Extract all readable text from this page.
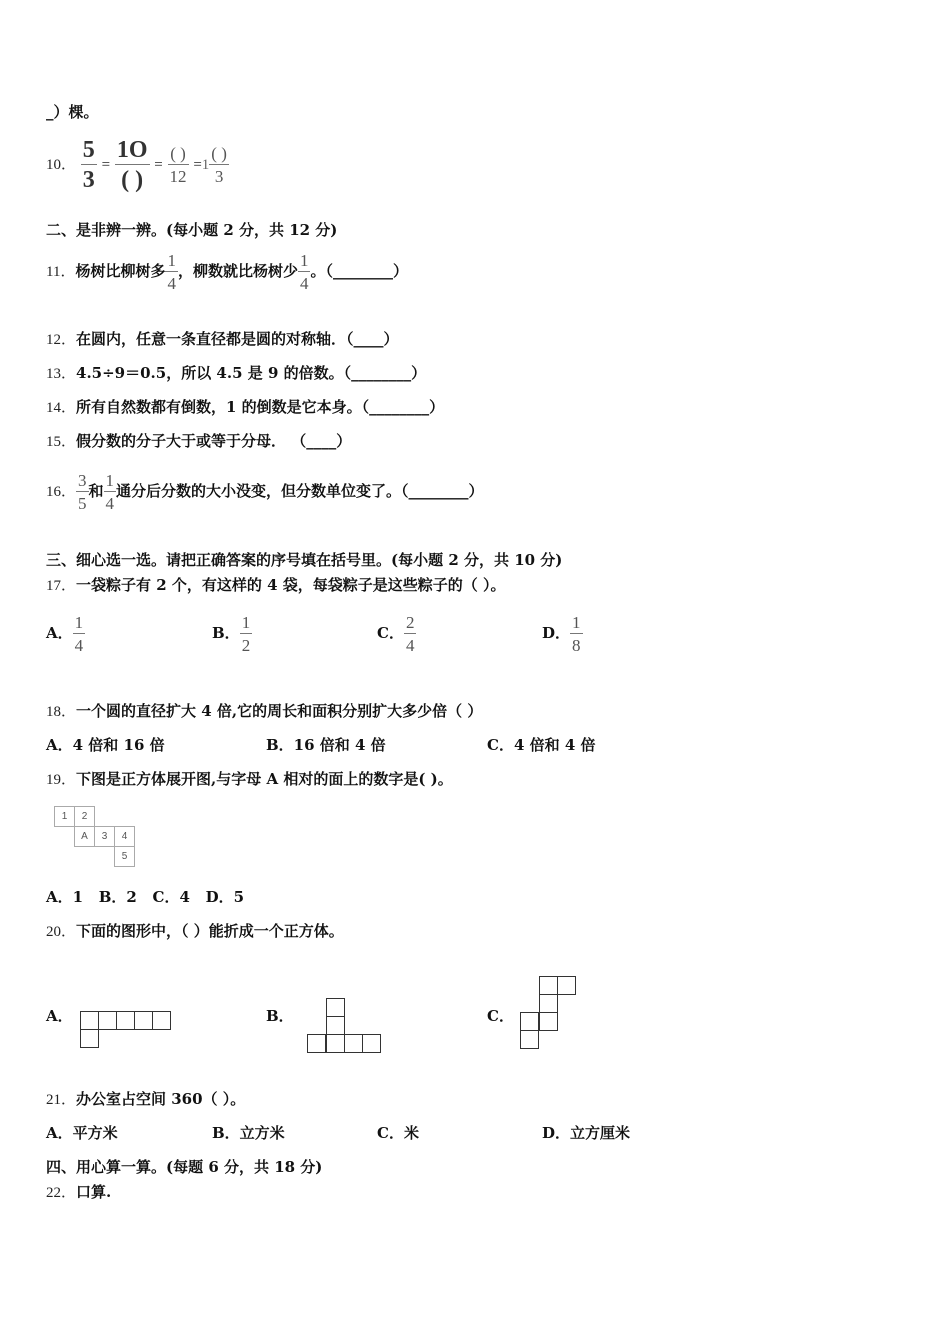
_）棵。
10． $\frac{5}{3} = \frac{1O}{( )} = \frac{( )}{12} =1 \frac{( )}{3}$
二、是非辨一辨。(每小题 2 分，共 12 分)
11．杨树比柳树多 $\frac{1}{4}$ ，柳数就比杨树少 $\frac{1}{4}$ 。（________）
12．在圆内，任意一条直径都是圆的对称轴．（____）
13．4.5÷9＝0.5，所以 4.5 是 9 的倍数。（________）
14．所有自然数都有倒数，1 的倒数是它本身。（________）
15．假分数的分子大于或等于分母． （____）
16． $\frac{3}{5}$ 和 $\frac{1}{4}$ 通分后分数的大小没变，但分数单位变了。（________）
三、细心选一选。请把正确答案的序号填在括号里。(每小题 2 分，共 10 分)
17．一袋粽子有 2 个，有这样的 4 袋，每袋粽子是这些粽子的（ ）。
A． $\frac{1}{4}$	B． $\frac{1}{2}$	C． $\frac{2}{4}$	D． $\frac{1}{8}$
18．一个圆的直径扩大 4 倍,它的周长和面积分别扩大多少倍（ ）
A．4 倍和 16 倍	B．16 倍和 4 倍	C．4 倍和 4 倍
19．下图是正方体展开图,与字母 A 相对的面上的数字是( )。
1	2
A	3	4
5
A．1   B．2   C．4   D．5
20．下面的图形中，（ ）能折成一个正方体。
A．	B．	C．
21．办公室占空间 360（ ）。
A．平方米	B．立方米	C．米	D．立方厘米
四、用心算一算。(每题 6 分，共 18 分)
22．口算.
